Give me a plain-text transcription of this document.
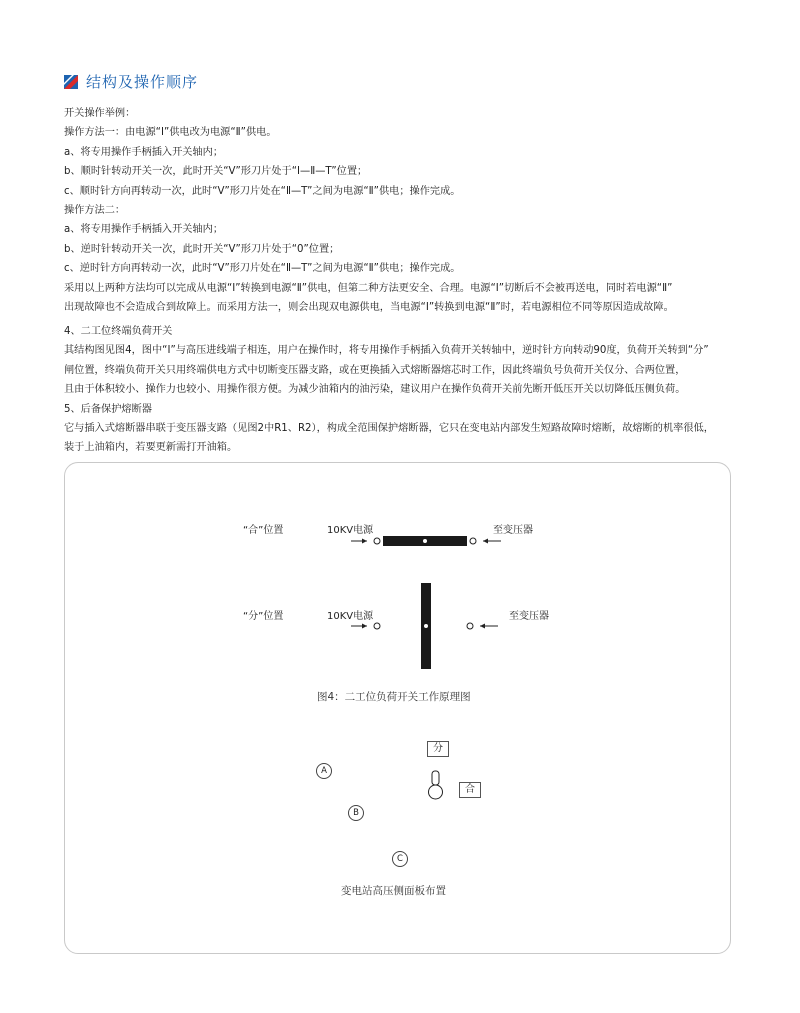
结构及操作顺序
开关操作举例：
操作方法一：由电源“Ⅰ”供电改为电源“Ⅱ”供电。
a、将专用操作手柄插入开关轴内；
b、顺时针转动开关一次，此时开关“V”形刀片处于“Ⅰ—Ⅱ—T”位置；
c、顺时针方向再转动一次，此时“V”形刀片处在“Ⅱ—T”之间为电源“Ⅱ”供电；操作完成。
操作方法二：
a、将专用操作手柄插入开关轴内；
b、逆时针转动开关一次，此时开关“V”形刀片处于“0”位置；
c、逆时针方向再转动一次，此时“V”形刀片处在“Ⅱ—T”之间为电源“Ⅱ”供电；操作完成。
采用以上两种方法均可以完成从电源“Ⅰ”转换到电源“Ⅱ”供电，但第二种方法更安全、合理。电源“Ⅰ”切断后不会被再送电，同时若电源“Ⅱ”
出现故障也不会造成合到故障上。而采用方法一，则会出现双电源供电，当电源“Ⅰ”转换到电源“Ⅱ”时，若电源相位不同等原因造成故障。
4、二工位终端负荷开关
其结构图见图4，图中“Ⅰ”与高压进线端子相连，用户在操作时，将专用操作手柄插入负荷开关转轴中，逆时针方向转动90度，负荷开关转到“分”
闸位置，终端负荷开关只用终端供电方式中切断变压器支路，或在更换插入式熔断器熔芯时工作，因此终端负号负荷开关仅分、合两位置，
且由于体积较小、操作力也较小、用操作很方便。为减少油箱内的油污染，建议用户在操作负荷开关前先断开低压开关以切降低压侧负荷。
5、后备保护熔断器
它与插入式熔断器串联于变压器支路（见图2中R1、R2），构成全范围保护熔断器，它只在变电站内部发生短路故障时熔断，故熔断的机率很低，
装于上油箱内，若要更新需打开油箱。
“合”位置	10KV电源	至变压器
“分”位置	10KV电源	至变压器
图4：二工位负荷开关工作原理图
分
合
A
B
C
变电站高压侧面板布置
